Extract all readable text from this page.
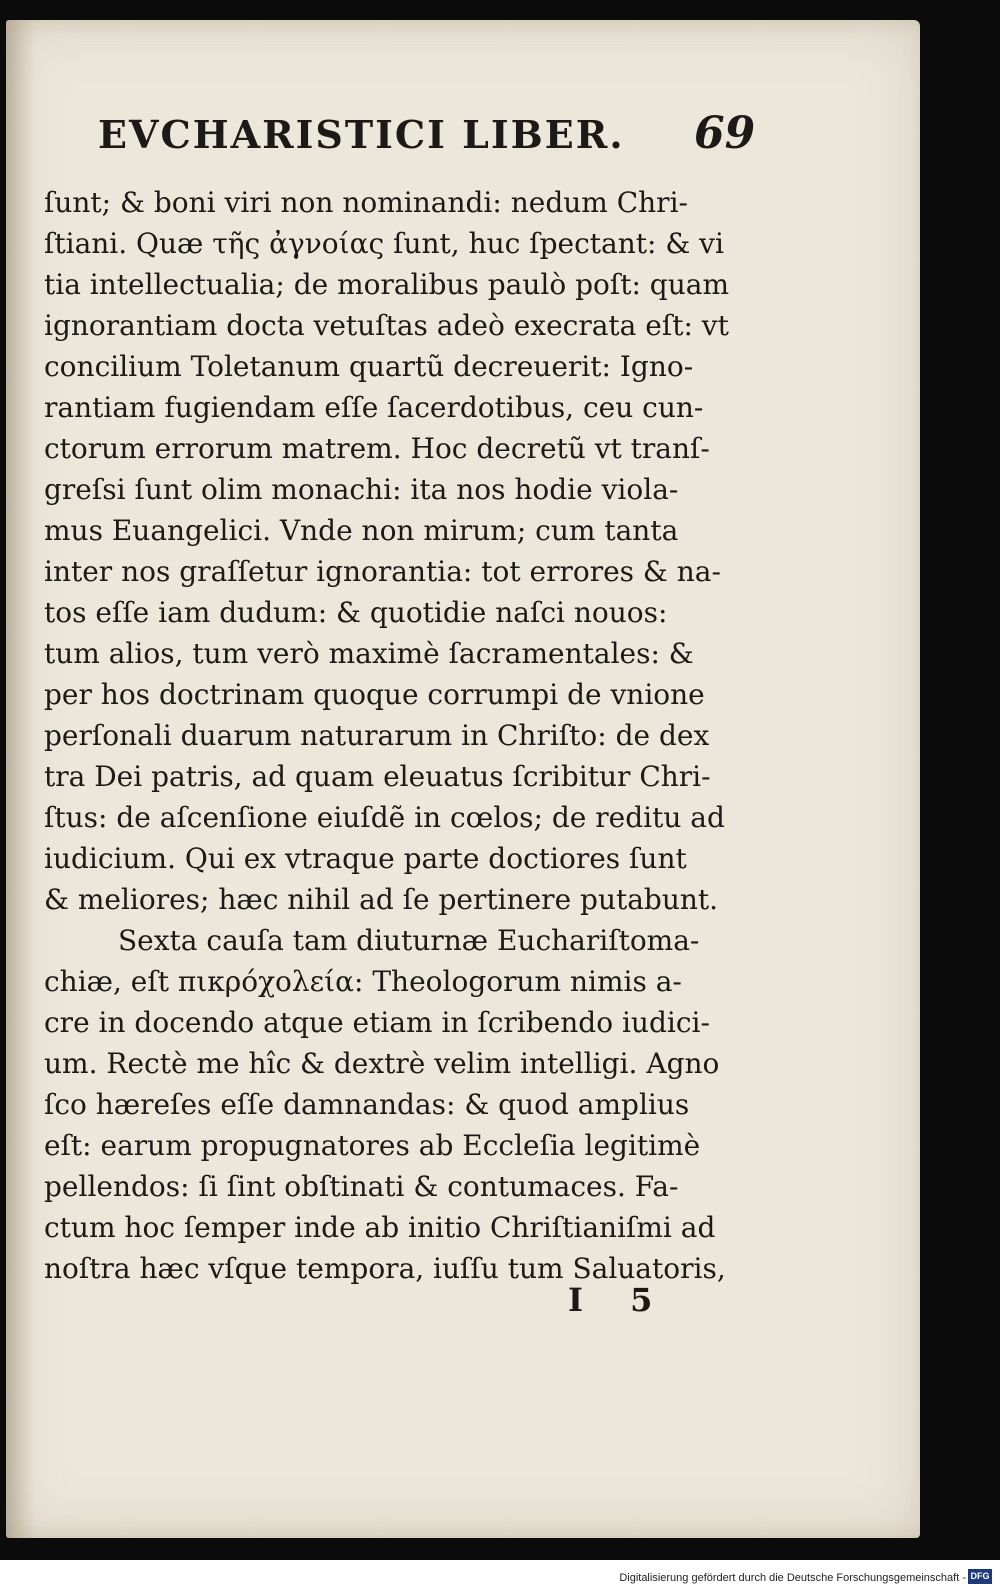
EVCHARISTICI LIBER. 69
ſunt; & boni viri non nominandi: nedum Chri-
ſtiani. Quæ τῆς ἀγνοίας ſunt, huc ſpectant: & vi
tia intellectualia; de moralibus paulò poſt: quam
ignorantiam docta vetuſtas adeò execrata eſt: vt
concilium Toletanum quartũ decreuerit: Igno-
rantiam fugiendam eſſe ſacerdotibus, ceu cun-
ctorum errorum matrem. Hoc decretũ vt tranſ-
greſsi ſunt olim monachi: ita nos hodie viola-
mus Euangelici. Vnde non mirum; cum tanta
inter nos graſſetur ignorantia: tot errores & na-
tos eſſe iam dudum: & quotidie naſci nouos:
tum alios, tum verò maximè ſacramentales: &
per hos doctrinam quoque corrumpi de vnione
perſonali duarum naturarum in Chriſto: de dex
tra Dei patris, ad quam eleuatus ſcribitur Chri-
ſtus: de aſcenſione eiuſdẽ in cœlos; de reditu ad
iudicium. Qui ex vtraque parte doctiores ſunt
& meliores; hæc nihil ad ſe pertinere putabunt.
Sexta cauſa tam diuturnæ Euchariſtoma-
chiæ, eſt πικρόχολεία: Theologorum nimis a-
cre in docendo atque etiam in ſcribendo iudici-
um. Rectè me hîc & dextrè velim intelligi. Agno
ſco hæreſes eſſe damnandas: & quod amplius
eſt: earum propugnatores ab Eccleſia legitimè
pellendos: ſi ſint obſtinati & contumaces. Fa-
ctum hoc ſemper inde ab initio Chriſtianiſmi ad
noſtra hæc vſque tempora, iuſſu tum Saluatoris,
I 5
Digitalisierung gefördert durch die Deutsche Forschungsgemeinschaft - DFG
